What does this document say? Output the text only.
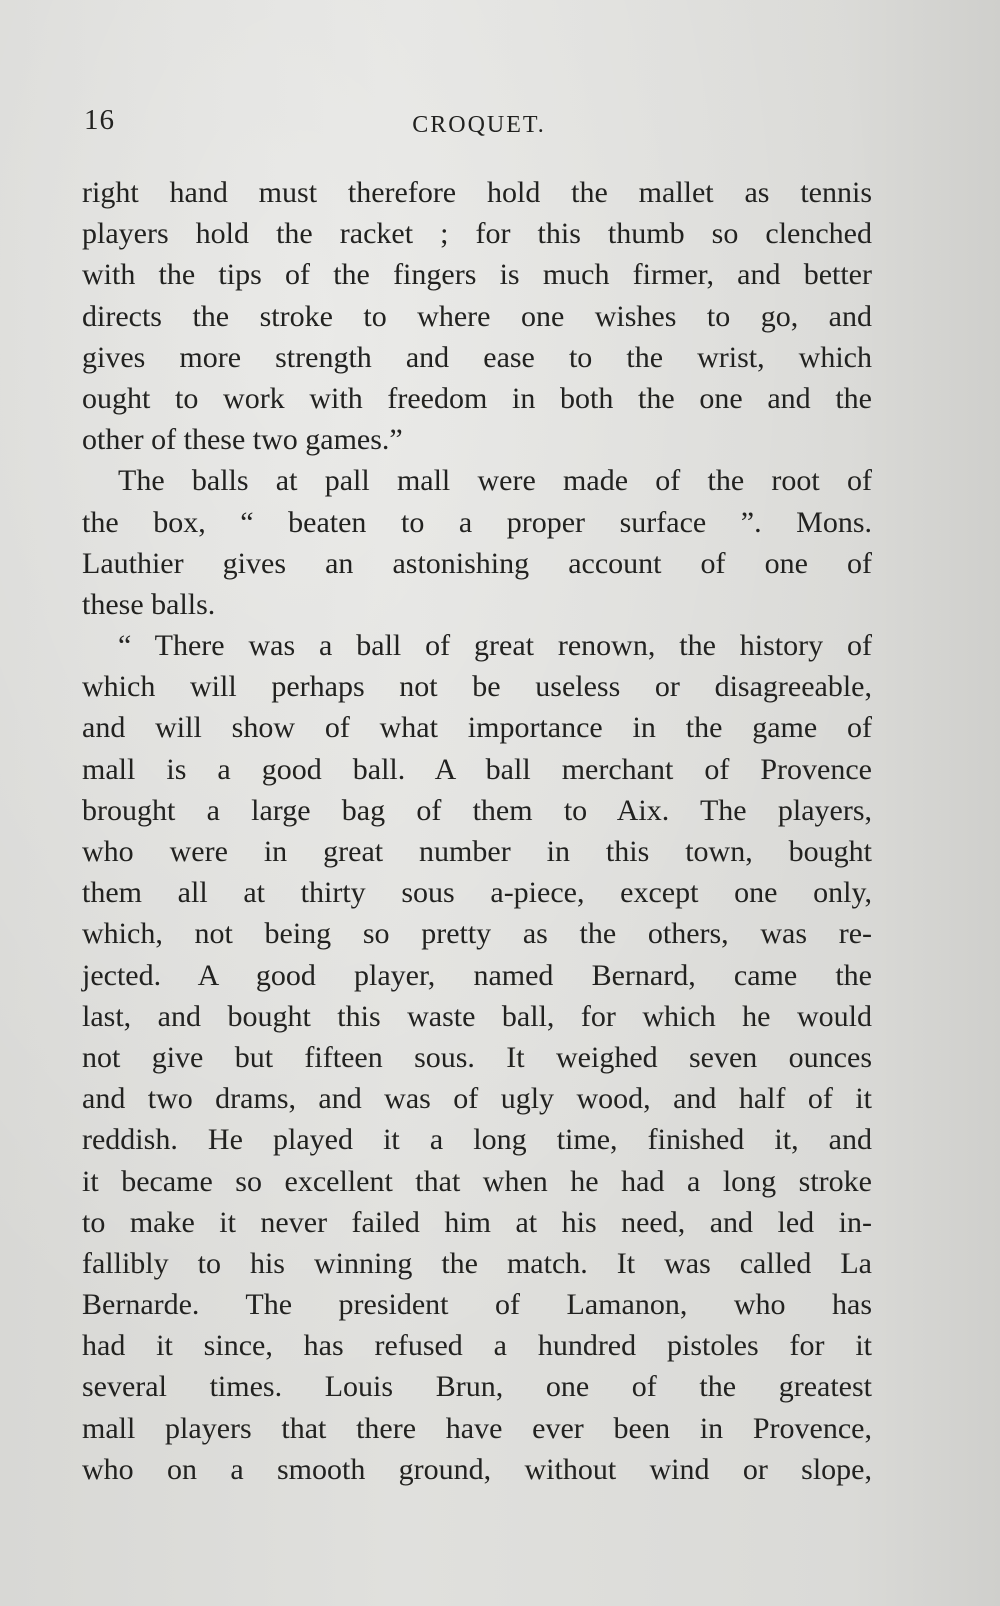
16	CROQUET.
right hand must therefore hold the mallet as tennis
players hold the racket ; for this thumb so clenched
with the tips of the fingers is much firmer, and better
directs the stroke to where one wishes to go, and
gives more strength and ease to the wrist, which
ought to work with freedom in both the one and the
other of these two games.”
The balls at pall mall were made of the root of
the box, “ beaten to a proper surface ”. Mons.
Lauthier gives an astonishing account of one of
these balls.
“ There was a ball of great renown, the history of
which will perhaps not be useless or disagreeable,
and will show of what importance in the game of
mall is a good ball. A ball merchant of Provence
brought a large bag of them to Aix. The players,
who were in great number in this town, bought
them all at thirty sous a-piece, except one only,
which, not being so pretty as the others, was re-
jected. A good player, named Bernard, came the
last, and bought this waste ball, for which he would
not give but fifteen sous. It weighed seven ounces
and two drams, and was of ugly wood, and half of it
reddish. He played it a long time, finished it, and
it became so excellent that when he had a long stroke
to make it never failed him at his need, and led in-
fallibly to his winning the match. It was called La
Bernarde. The president of Lamanon, who has
had it since, has refused a hundred pistoles for it
several times. Louis Brun, one of the greatest
mall players that there have ever been in Provence,
who on a smooth ground, without wind or slope,
